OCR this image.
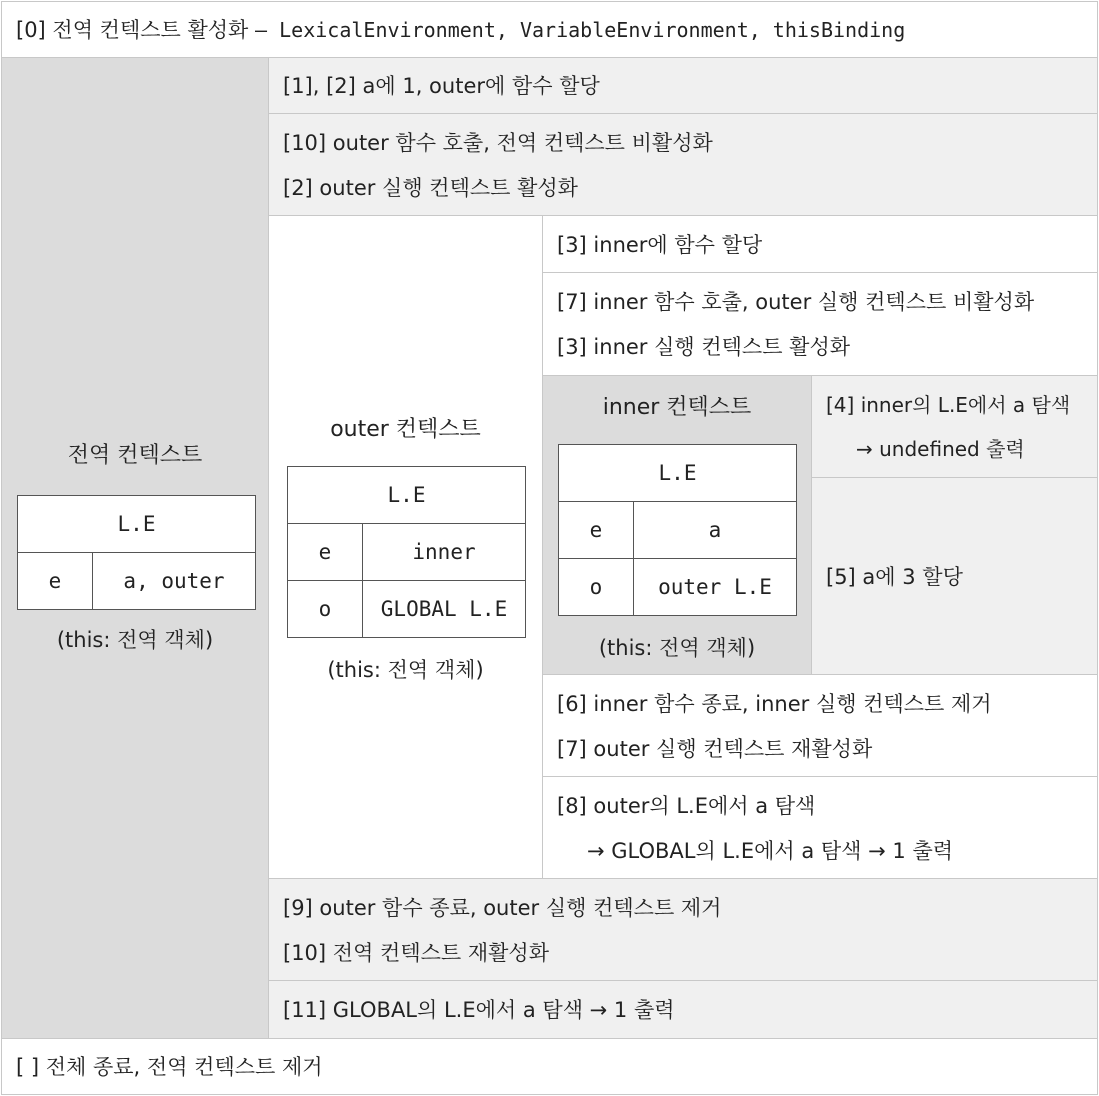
[0] 전역 컨텍스트 활성화 – LexicalEnvironment, VariableEnvironment, thisBinding
전역 컨텍스트
L.E
e	a, outer
(this: 전역 객체)
[1], [2] a에 1, outer에 함수 할당
[10] outer 함수 호출, 전역 컨텍스트 비활성화
[2] outer 실행 컨텍스트 활성화
outer 컨텍스트
L.E	
e	inner
o	GLOBAL L.E
(this: 전역 객체)
[3] inner에 함수 할당
[7] inner 함수 호출, outer 실행 컨텍스트 비활성화
[3] inner 실행 컨텍스트 활성화
inner 컨텍스트
L.E	
e	a
o	outer L.E
(this: 전역 객체)
[4] inner의 L.E에서 a 탐색
→ undefined 출력
[5] a에 3 할당
[6] inner 함수 종료, inner 실행 컨텍스트 제거
[7] outer 실행 컨텍스트 재활성화
[8] outer의 L.E에서 a 탐색
→ GLOBAL의 L.E에서 a 탐색 → 1 출력
[9] outer 함수 종료, outer 실행 컨텍스트 제거
[10] 전역 컨텍스트 재활성화
[11] GLOBAL의 L.E에서 a 탐색 → 1 출력
[ ] 전체 종료, 전역 컨텍스트 제거
